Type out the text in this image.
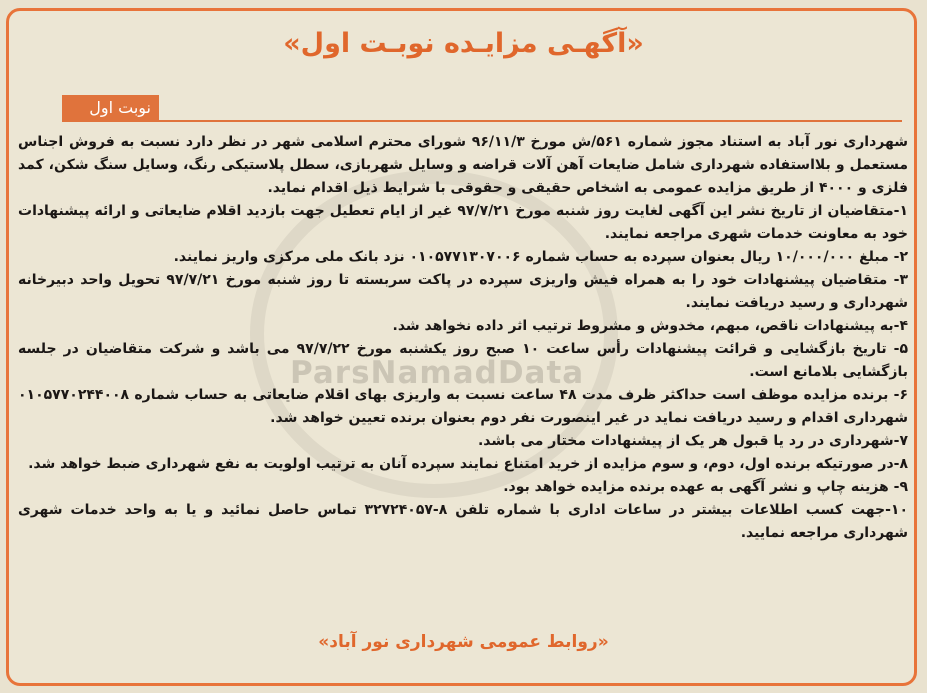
«آگهـی مزایـده نوبـت اول»
نوبت اول
ParsNamadData

شهرداری نور آباد به استناد مجوز شماره ۵۶۱/ش مورخ ۹۶/۱۱/۳ شورای محترم اسلامی شهر در نظر دارد نسبت به فروش اجناس مستعمل و بلااستفاده شهرداری شامل ضایعات آهن آلات قراضه و وسایل شهربازی، سطل پلاستیکی رنگ، وسایل سنگ شکن، کمد فلزی و ۴۰۰۰ از طریق مزایده عمومی به اشخاص حقیقی و حقوقی با شرایط ذیل اقدام نماید.

۱-متقاضیان از تاریخ نشر این آگهی لغایت روز شنبه مورخ ۹۷/۷/۲۱ غیر از ایام تعطیل جهت بازدید اقلام ضایعاتی و ارائه پیشنهادات خود به معاونت خدمات شهری مراجعه نمایند.

۲- مبلغ ۱۰/۰۰۰/۰۰۰ ریال بعنوان سپرده به حساب شماره ۰۱۰۵۷۷۱۳۰۷۰۰۶ نزد بانک ملی مرکزی واریز نمایند.

۳- متقاضیان پیشنهادات خود را به همراه فیش واریزی سپرده در پاکت سربسته تا روز شنبه مورخ ۹۷/۷/۲۱ تحویل واحد دبیرخانه شهرداری و رسید دریافت نمایند.

۴-به پیشنهادات ناقص، مبهم، مخدوش و مشروط ترتیب اثر داده نخواهد شد.

۵- تاریخ بازگشایی و قرائت پیشنهادات رأس ساعت ۱۰ صبح روز یکشنبه مورخ ۹۷/۷/۲۲ می باشد و شرکت متقاضیان در جلسه بازگشایی بلامانع است.

۶- برنده مزایده موظف است حداکثر ظرف مدت ۴۸ ساعت نسبت به واریزی بهای اقلام ضایعاتی به حساب شماره ۰۱۰۵۷۷۰۲۴۴۰۰۸ شهرداری اقدام و رسید دریافت نماید در غیر اینصورت نفر دوم بعنوان برنده تعیین خواهد شد.

۷-شهرداری در رد یا قبول هر یک از پیشنهادات مختار می باشد.

۸-در صورتیکه برنده اول، دوم، و سوم مزایده از خرید امتناع نمایند سپرده آنان به ترتیب اولویت به نفع شهرداری ضبط خواهد شد.

۹- هزینه چاپ و نشر آگهی به عهده برنده مزایده خواهد بود.

۱۰-جهت کسب اطلاعات بیشتر در ساعات اداری با شماره تلفن ۸-۳۲۷۲۴۰۵۷ تماس حاصل نمائید و یا به واحد خدمات شهری شهرداری مراجعه نمایید.

«روابط عمومی شهرداری نور آباد»
